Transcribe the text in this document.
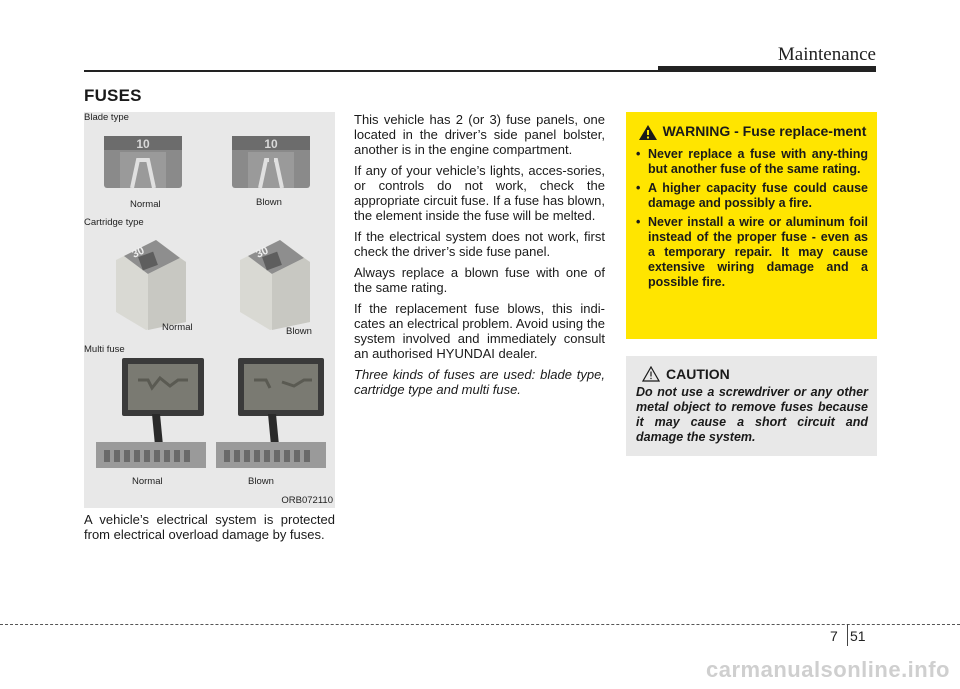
Maintenance
FUSES
Blade type
10
Normal
10
Blown
Cartridge type
30
Normal
30
Blown
Multi fuse
Normal	Blown
ORB072110

A vehicle’s electrical system is protected from electrical overload damage by fuses.

This vehicle has 2 (or 3) fuse panels, one located in the driver’s side panel bolster, another is in the engine compartment.

If any of your vehicle’s lights, acces-sories, or controls do not work, check the appropriate circuit fuse. If a fuse has blown, the element inside the fuse will be melted.

If the electrical system does not work, first check the driver’s side fuse panel.

Always replace a blown fuse with one of the same rating.

If the replacement fuse blows, this indi-cates an electrical problem. Avoid using the system involved and immediately consult an authorised HYUNDAI dealer.

Three kinds of fuses are used: blade type, cartridge type and multi fuse.

WARNING - Fuse replace-ment
• Never replace a fuse with any-thing but another fuse of the same rating.
• A higher capacity fuse could cause damage and possibly a fire.
• Never install a wire or aluminum foil instead of the proper fuse - even as a temporary repair. It may cause extensive wiring damage and a possible fire.
CAUTION
Do not use a screwdriver or any other metal object to remove fuses because it may cause a short circuit and damage the system.
7 51
carmanualsonline.info
